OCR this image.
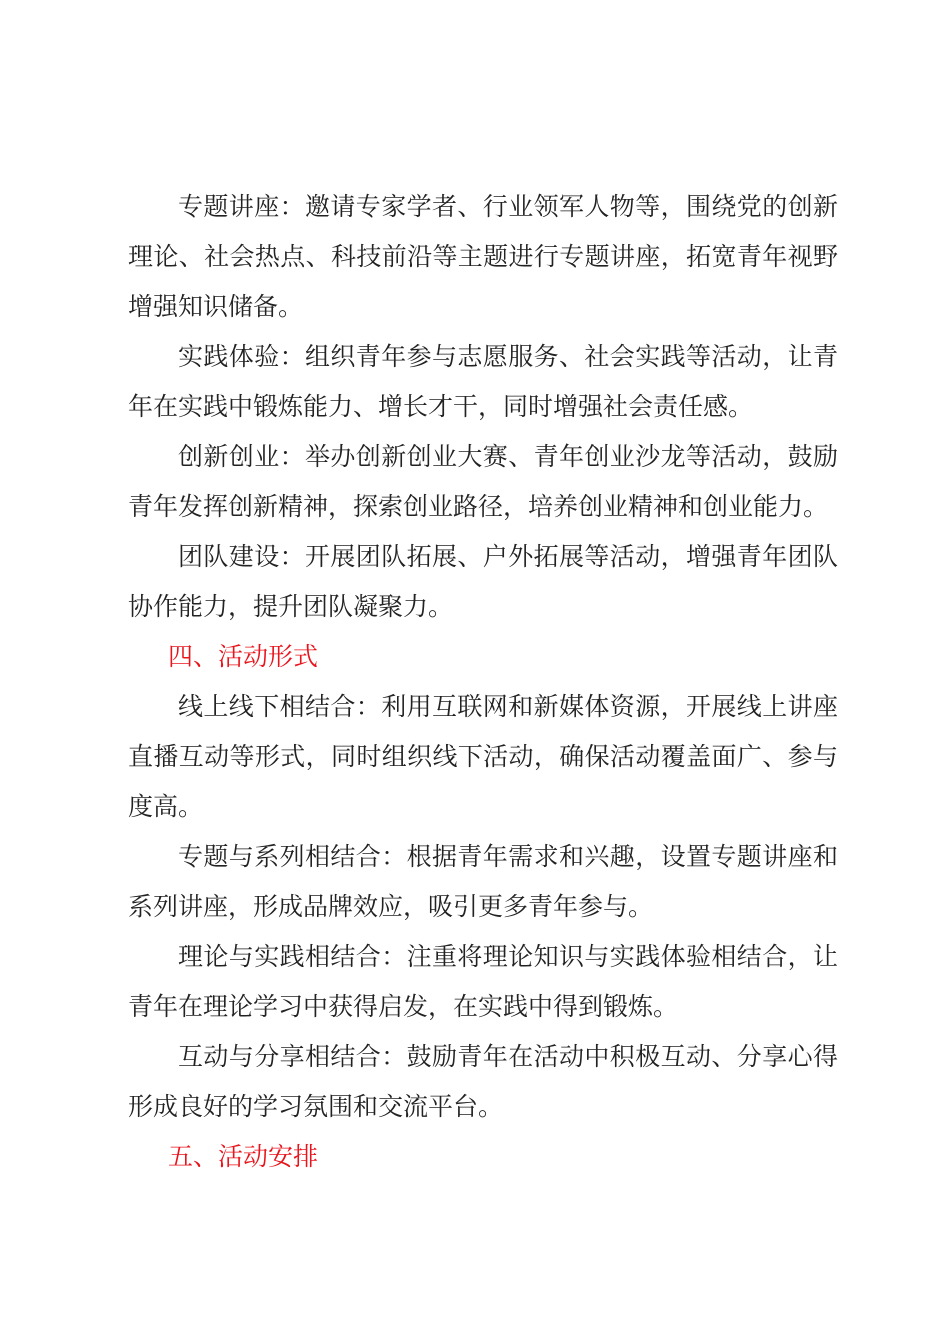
专题讲座：邀请专家学者、行业领军人物等，围绕党的创新理论、社会热点、科技前沿等主题进行专题讲座，拓宽青年视野增强知识储备。

实践体验：组织青年参与志愿服务、社会实践等活动，让青年在实践中锻炼能力、增长才干，同时增强社会责任感。

创新创业：举办创新创业大赛、青年创业沙龙等活动，鼓励青年发挥创新精神，探索创业路径，培养创业精神和创业能力。

团队建设：开展团队拓展、户外拓展等活动，增强青年团队协作能力，提升团队凝聚力。

四、活动形式

线上线下相结合：利用互联网和新媒体资源，开展线上讲座直播互动等形式，同时组织线下活动，确保活动覆盖面广、参与度高。

专题与系列相结合：根据青年需求和兴趣，设置专题讲座和系列讲座，形成品牌效应，吸引更多青年参与。

理论与实践相结合：注重将理论知识与实践体验相结合，让青年在理论学习中获得启发，在实践中得到锻炼。

互动与分享相结合：鼓励青年在活动中积极互动、分享心得形成良好的学习氛围和交流平台。

五、活动安排
